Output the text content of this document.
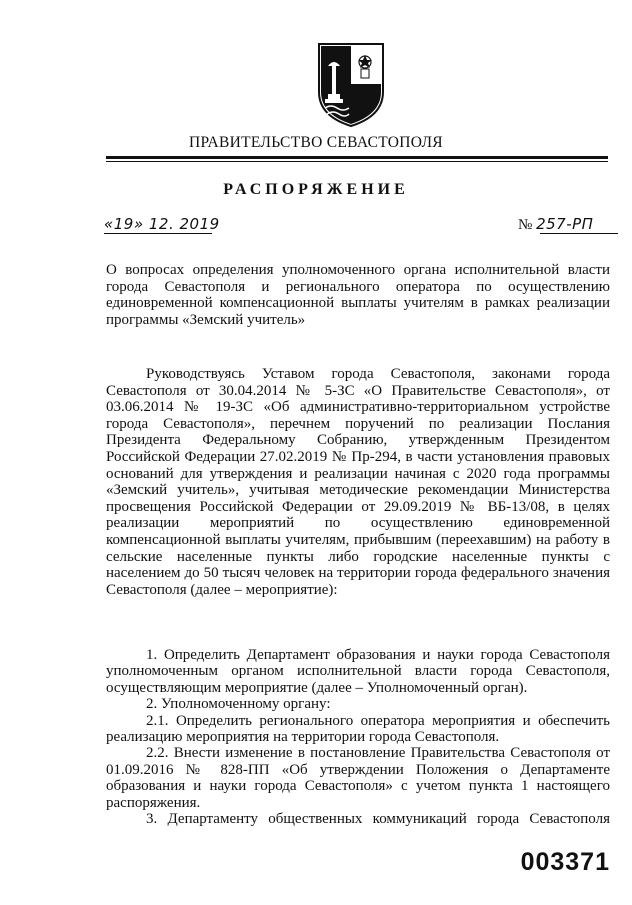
ПРАВИТЕЛЬСТВО СЕВАСТОПОЛЯ
РАСПОРЯЖЕНИЕ
«19» 12. 2019	№ 257-РП
О вопросах определения уполномоченного органа исполнительной власти города Севастополя и регионального оператора по осуществлению единовременной компенсационной выплаты учителям в рамках реализации программы «Земский учитель»

Руководствуясь Уставом города Севастополя, законами города Севастополя от 30.04.2014 № 5-ЗС «О Правительстве Севастополя», от 03.06.2014 № 19-ЗС «Об административно-территориальном устройстве города Севастополя», перечнем поручений по реализации Послания Президента Федеральному Собранию, утвержденным Президентом Российской Федерации 27.02.2019 № Пр-294, в части установления правовых оснований для утверждения и реализации начиная с 2020 года программы «Земский учитель», учитывая методические рекомендации Министерства просвещения Российской Федерации от 29.09.2019 № ВБ-13/08, в целях реализации мероприятий по осуществлению единовременной компенсационной выплаты учителям, прибывшим (переехавшим) на работу в сельские населенные пункты либо городские населенные пункты с населением до 50 тысяч человек на территории города федерального значения Севастополя (далее – мероприятие):

1. Определить Департамент образования и науки города Севастополя уполномоченным органом исполнительной власти города Севастополя, осуществляющим мероприятие (далее – Уполномоченный орган).

2. Уполномоченному органу:

2.1. Определить регионального оператора мероприятия и обеспечить реализацию мероприятия на территории города Севастополя.

2.2. Внести изменение в постановление Правительства Севастополя от 01.09.2016 № 828-ПП «Об утверждении Положения о Департаменте образования и науки города Севастополя» с учетом пункта 1 настоящего распоряжения.

3. Департаменту общественных коммуникаций города Севастополя

003371
